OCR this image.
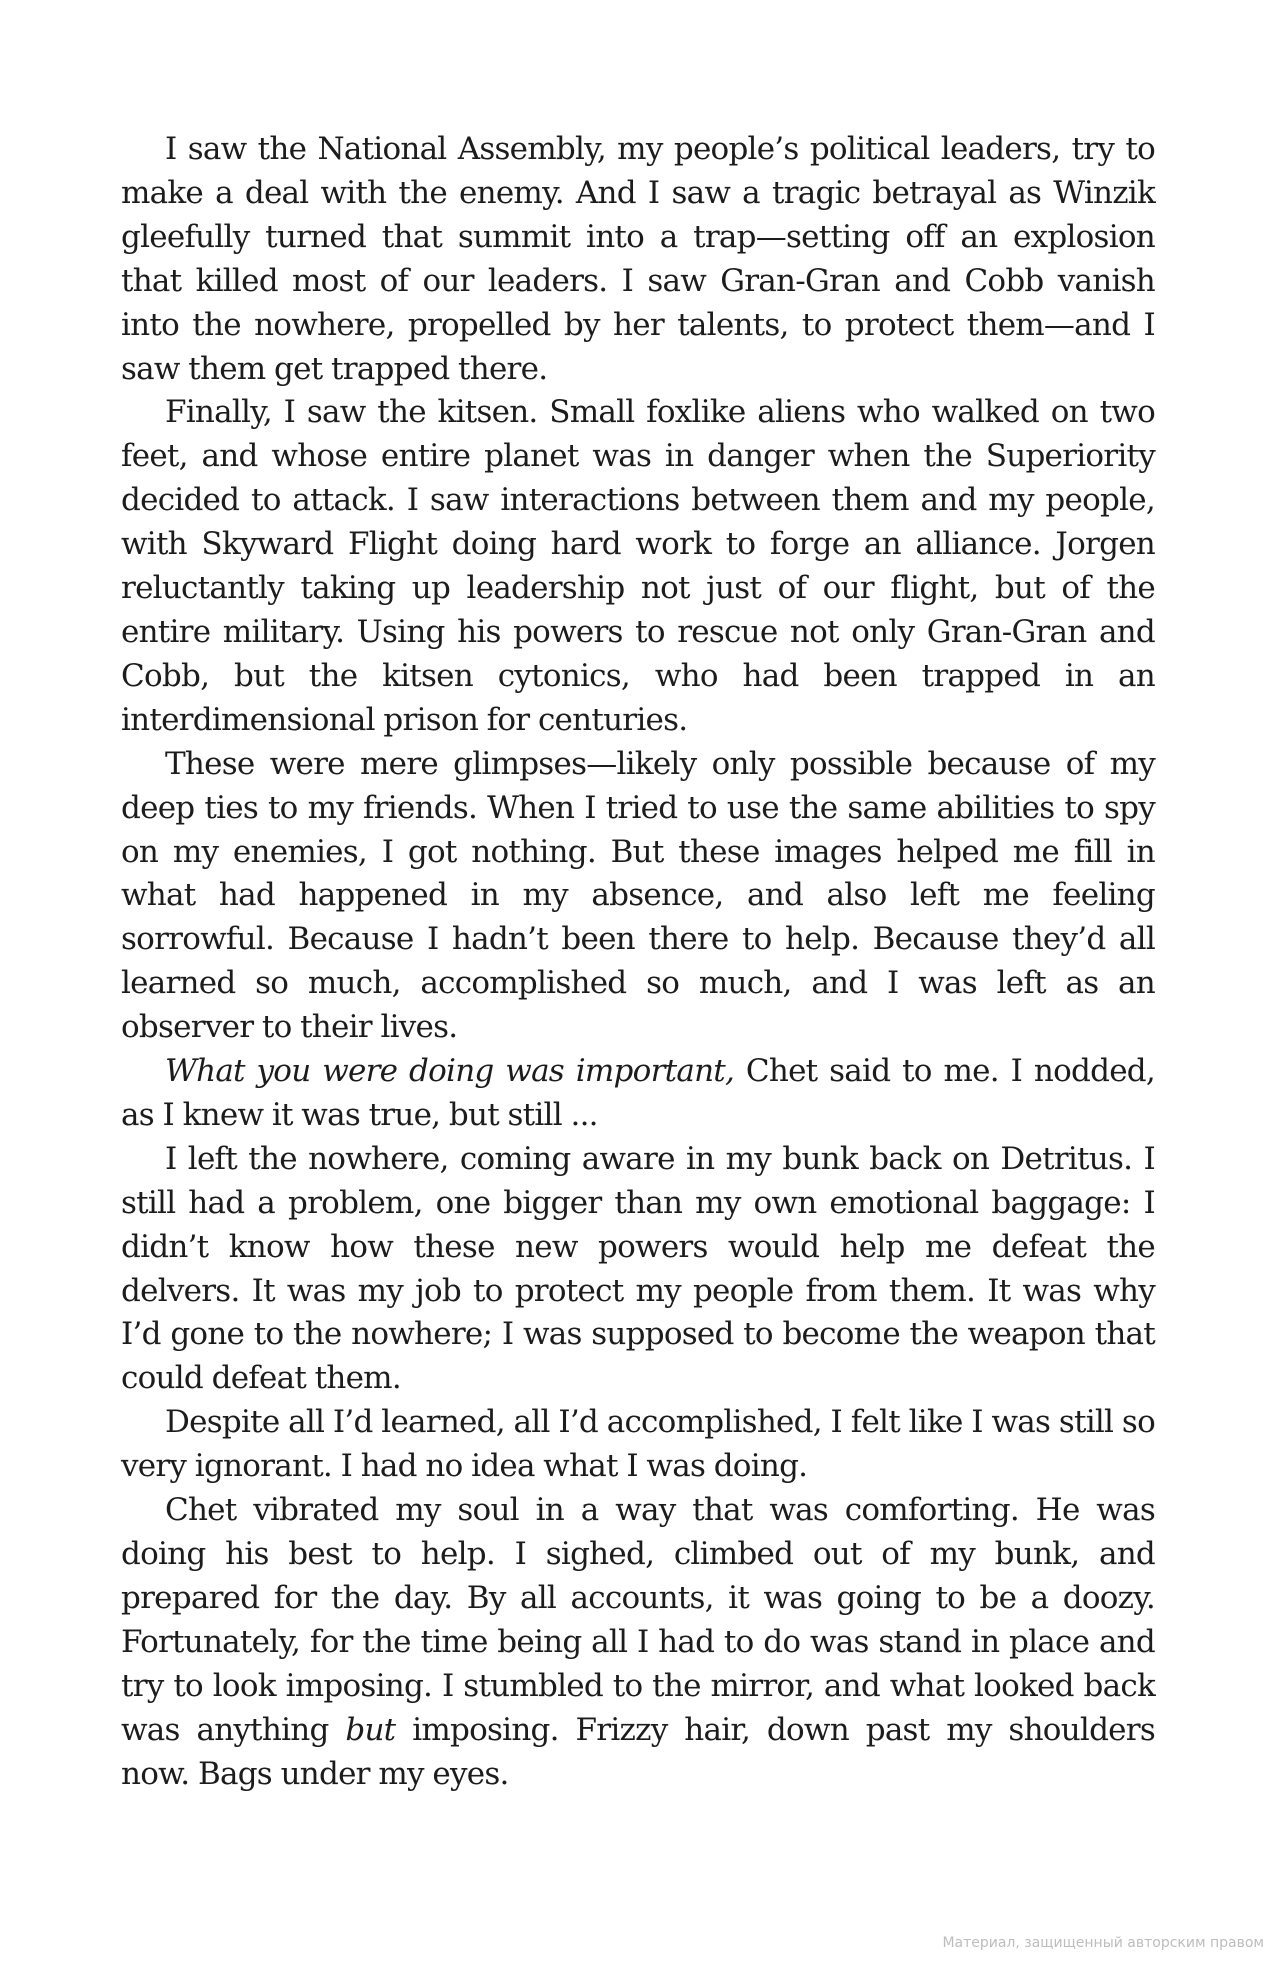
I saw the National Assembly, my people’s political leaders, try to make a deal with the enemy. And I saw a tragic betrayal as Winzik gleefully turned that summit into a trap—setting off an explosion that killed most of our leaders. I saw Gran-Gran and Cobb vanish into the nowhere, propelled by her talents, to protect them—and I saw them get trapped there.

Finally, I saw the kitsen. Small foxlike aliens who walked on two feet, and whose entire planet was in danger when the Superiority decided to attack. I saw interactions between them and my people, with Skyward Flight doing hard work to forge an alliance. Jorgen reluctantly taking up leadership not just of our flight, but of the entire military. Using his powers to rescue not only Gran-Gran and Cobb, but the kitsen cytonics, who had been trapped in an interdimensional prison for centuries.

These were mere glimpses—likely only possible because of my deep ties to my friends. When I tried to use the same abilities to spy on my enemies, I got nothing. But these images helped me fill in what had happened in my absence, and also left me feeling sorrowful. Because I hadn’t been there to help. Because they’d all learned so much, accomplished so much, and I was left as an observer to their lives.

What you were doing was important, Chet said to me. I nodded, as I knew it was true, but still ...

I left the nowhere, coming aware in my bunk back on Detritus. I still had a problem, one bigger than my own emotional baggage: I didn’t know how these new powers would help me defeat the delvers. It was my job to protect my people from them. It was why I’d gone to the nowhere; I was supposed to become the weapon that could defeat them.

Despite all I’d learned, all I’d accomplished, I felt like I was still so very ignorant. I had no idea what I was doing.

Chet vibrated my soul in a way that was comforting. He was doing his best to help. I sighed, climbed out of my bunk, and prepared for the day. By all accounts, it was going to be a doozy. Fortunately, for the time being all I had to do was stand in place and try to look imposing. I stumbled to the mirror, and what looked back was anything but imposing. Frizzy hair, down past my shoulders now. Bags under my eyes.

Материал, защищенный авторским правом
